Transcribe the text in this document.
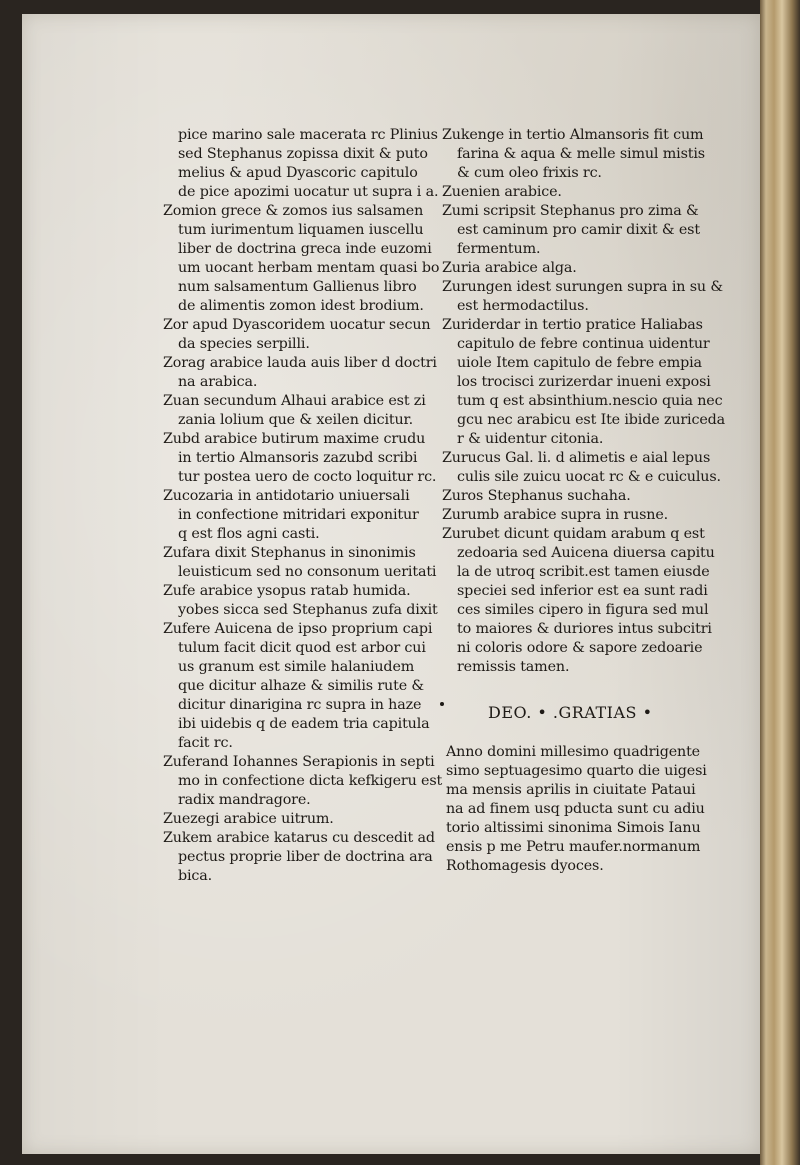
pice marino sale macerata rc Plinius
sed Stephanus zopissa dixit & puto
melius & apud Dyascoric capitulo
de pice apozimi uocatur ut supra i a.
Zomion grece & zomos ius salsamen
tum iurimentum liquamen iuscellu
liber de doctrina greca inde euzomi
um uocant herbam mentam quasi bo
num salsamentum Gallienus libro
de alimentis zomon idest brodium.
Zor apud Dyascoridem uocatur secun
da species serpilli.
Zorag arabice lauda auis liber d doctri
na arabica.
Zuan secundum Alhaui arabice est zi
zania lolium que & xeilen dicitur.
Zubd arabice butirum maxime crudu
in tertio Almansoris zazubd scribi
tur postea uero de cocto loquitur rc.
Zucozaria in antidotario uniuersali
in confectione mitridari exponitur
q est flos agni casti.
Zufara dixit Stephanus in sinonimis
leuisticum sed no consonum ueritati
Zufe arabice ysopus ratab humida.
yobes sicca sed Stephanus zufa dixit
Zufere Auicena de ipso proprium capi
tulum facit dicit quod est arbor cui
us granum est simile halaniudem
que dicitur alhaze & similis rute &
dicitur dinarigina rc supra in haze
ibi uidebis q de eadem tria capitula
facit rc.
Zuferand Iohannes Serapionis in septi
mo in confectione dicta kefkigeru est
radix mandragore.
Zuezegi arabice uitrum.
Zukem arabice katarus cu descedit ad
pectus proprie liber de doctrina ara
bica.
Zukenge in tertio Almansoris fit cum
farina & aqua & melle simul mistis
& cum oleo frixis rc.
Zuenien arabice.
Zumi scripsit Stephanus pro zima &
est caminum pro camir dixit & est
fermentum.
Zuria arabice alga.
Zurungen idest surungen supra in su &
est hermodactilus.
Zuriderdar in tertio pratice Haliabas
capitulo de febre continua uidentur
uiole Item capitulo de febre empia
los trocisci zurizerdar inueni exposi
tum q est absinthium.nescio quia nec
gcu nec arabicu est Ite ibide zuriceda
r & uidentur citonia.
Zurucus Gal. li. d alimetis e aial lepus
culis sile zuicu uocat rc & e cuiculus.
Zuros Stephanus suchaha.
Zurumb arabice supra in rusne.
Zurubet dicunt quidam arabum q est
zedoaria sed Auicena diuersa capitu
la de utroq scribit.est tamen eiusde
speciei sed inferior est ea sunt radi
ces similes cipero in figura sed mul
to maiores & duriores intus subcitri
ni coloris odore & sapore zedoarie
remissis tamen.
DEO. • .GRATIAS •
Anno domini millesimo quadrigente
simo septuagesimo quarto die uigesi
ma mensis aprilis in ciuitate Pataui
na ad finem usq pducta sunt cu adiu
torio altissimi sinonima Simois Ianu
ensis p me Petru maufer.normanum
Rothomagesis dyoces.
